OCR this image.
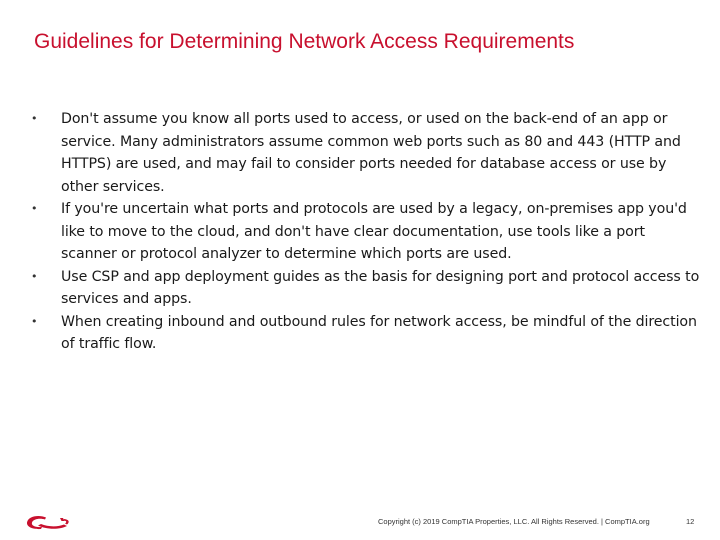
Guidelines for Determining Network Access Requirements
• Don't assume you know all ports used to access, or used on the back-end of an app or service. Many administrators assume common web ports such as 80 and 443 (HTTP and HTTPS) are used, and may fail to consider ports needed for database access or use by other services.
• If you're uncertain what ports and protocols are used by a legacy, on-premises app you'd like to move to the cloud, and don't have clear documentation, use tools like a port scanner or protocol analyzer to determine which ports are used.
• Use CSP and app deployment guides as the basis for designing port and protocol access to services and apps.
• When creating inbound and outbound rules for network access, be mindful of the direction of traffic flow.
Copyright (c) 2019 CompTIA Properties, LLC. All Rights Reserved. | CompTIA.org	12
